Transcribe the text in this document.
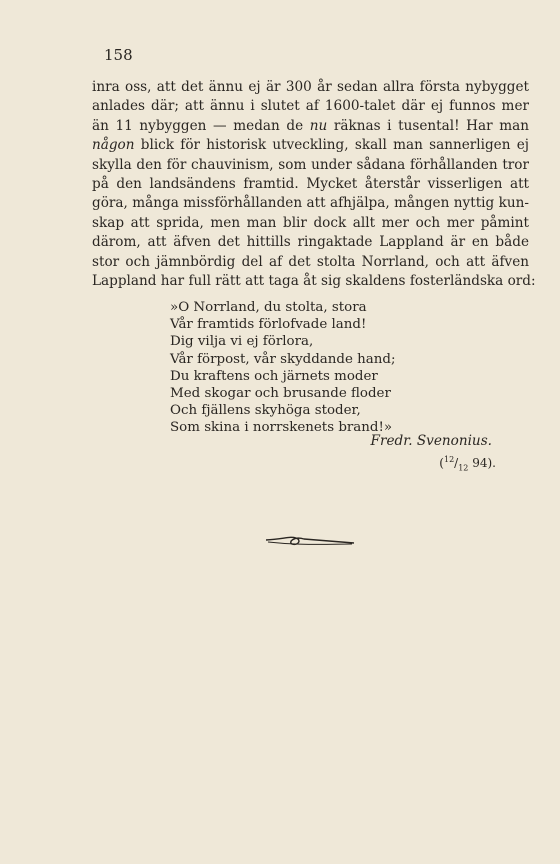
158
inra oss, att det ännu ej är 300 år sedan allra första nybygget
anlades där; att ännu i slutet af 1600-talet där ej funnos mer
än 11 nybyggen — medan de nu räknas i tusental! Har man
någon blick för historisk utveckling, skall man sannerligen ej
skylla den för chauvinism, som under sådana förhållanden tror
på den landsändens framtid. Mycket återstår visserligen att
göra, många missförhållanden att afhjälpa, mången nyttig kun-
skap att sprida, men man blir dock allt mer och mer påmint
därom, att äfven det hittills ringaktade Lappland är en både
stor och jämnbördig del af det stolta Norrland, och att äfven
Lappland har full rätt att taga åt sig skaldens fosterländska ord:
»O Norrland, du stolta, stora
Vår framtids förlofvade land!
Dig vilja vi ej förlora,
Vår förpost, vår skyddande hand;
Du kraftens och järnets moder
Med skogar och brusande floder
Och fjällens skyhöga stoder,
Som skina i norrskenets brand!»
Fredr. Svenonius.
($^{12}/_{12}$ 94).
